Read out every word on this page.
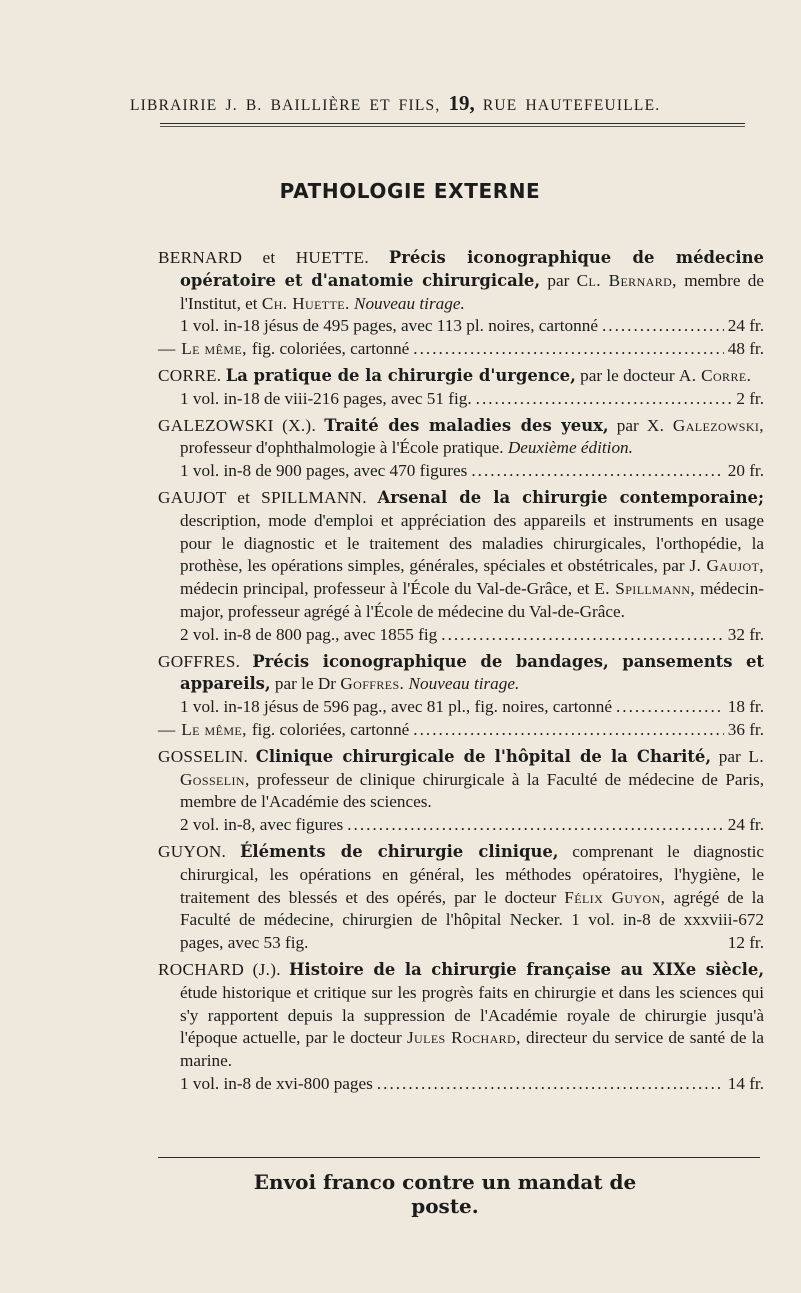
LIBRAIRIE J. B. BAILLIÈRE ET FILS, 19, RUE HAUTEFEUILLE.
PATHOLOGIE EXTERNE
BERNARD et HUETTE. Précis iconographique de médecine opératoire et d'anatomie chirurgicale, par Cl. Bernard, membre de l'Institut, et Ch. Huette. Nouveau tirage.
1 vol. in-18 jésus de 495 pages, avec 113 pl. noires, cartonné .....	24 fr.
— Le même, fig. coloriées, cartonné .....	48 fr.
CORRE. La pratique de la chirurgie d'urgence, par le docteur A. Corre.
1 vol. in-18 de viii-216 pages, avec 51 fig. .....	2 fr.
GALEZOWSKI (X.). Traité des maladies des yeux, par X. Galezowski, professeur d'ophthalmologie à l'École pratique. Deuxième édition.
1 vol. in-8 de 900 pages, avec 470 figures .....	20 fr.
GAUJOT et SPILLMANN. Arsenal de la chirurgie contemporaine; description, mode d'emploi et appréciation des appareils et instruments en usage pour le diagnostic et le traitement des maladies chirurgicales, l'orthopédie, la prothèse, les opérations simples, générales, spéciales et obstétricales, par J. Gaujot, médecin principal, professeur à l'École du Val-de-Grâce, et E. Spillmann, médecin-major, professeur agrégé à l'École de médecine du Val-de-Grâce.
2 vol. in-8 de 800 pag., avec 1855 fig .....	32 fr.
GOFFRES. Précis iconographique de bandages, pansements et appareils, par le Dr Goffres. Nouveau tirage.
1 vol. in-18 jésus de 596 pag., avec 81 pl., fig. noires, cartonné .....	18 fr.
— Le même, fig. coloriées, cartonné .....	36 fr.
GOSSELIN. Clinique chirurgicale de l'hôpital de la Charité, par L. Gosselin, professeur de clinique chirurgicale à la Faculté de médecine de Paris, membre de l'Académie des sciences.
2 vol. in-8, avec figures .....	24 fr.
GUYON. Éléments de chirurgie clinique, comprenant le diagnostic chirurgical, les opérations en général, les méthodes opératoires, l'hygiène, le traitement des blessés et des opérés, par le docteur Félix Guyon, agrégé de la Faculté de médecine, chirurgien de l'hôpital Necker. 1 vol. in-8 de xxxviii-672 pages, avec 53 fig.	12 fr.
ROCHARD (J.). Histoire de la chirurgie française au XIXe siècle, étude historique et critique sur les progrès faits en chirurgie et dans les sciences qui s'y rapportent depuis la suppression de l'Académie royale de chirurgie jusqu'à l'époque actuelle, par le docteur Jules Rochard, directeur du service de santé de la marine.
1 vol. in-8 de xvi-800 pages .....	14 fr.
Envoi franco contre un mandat de poste.
